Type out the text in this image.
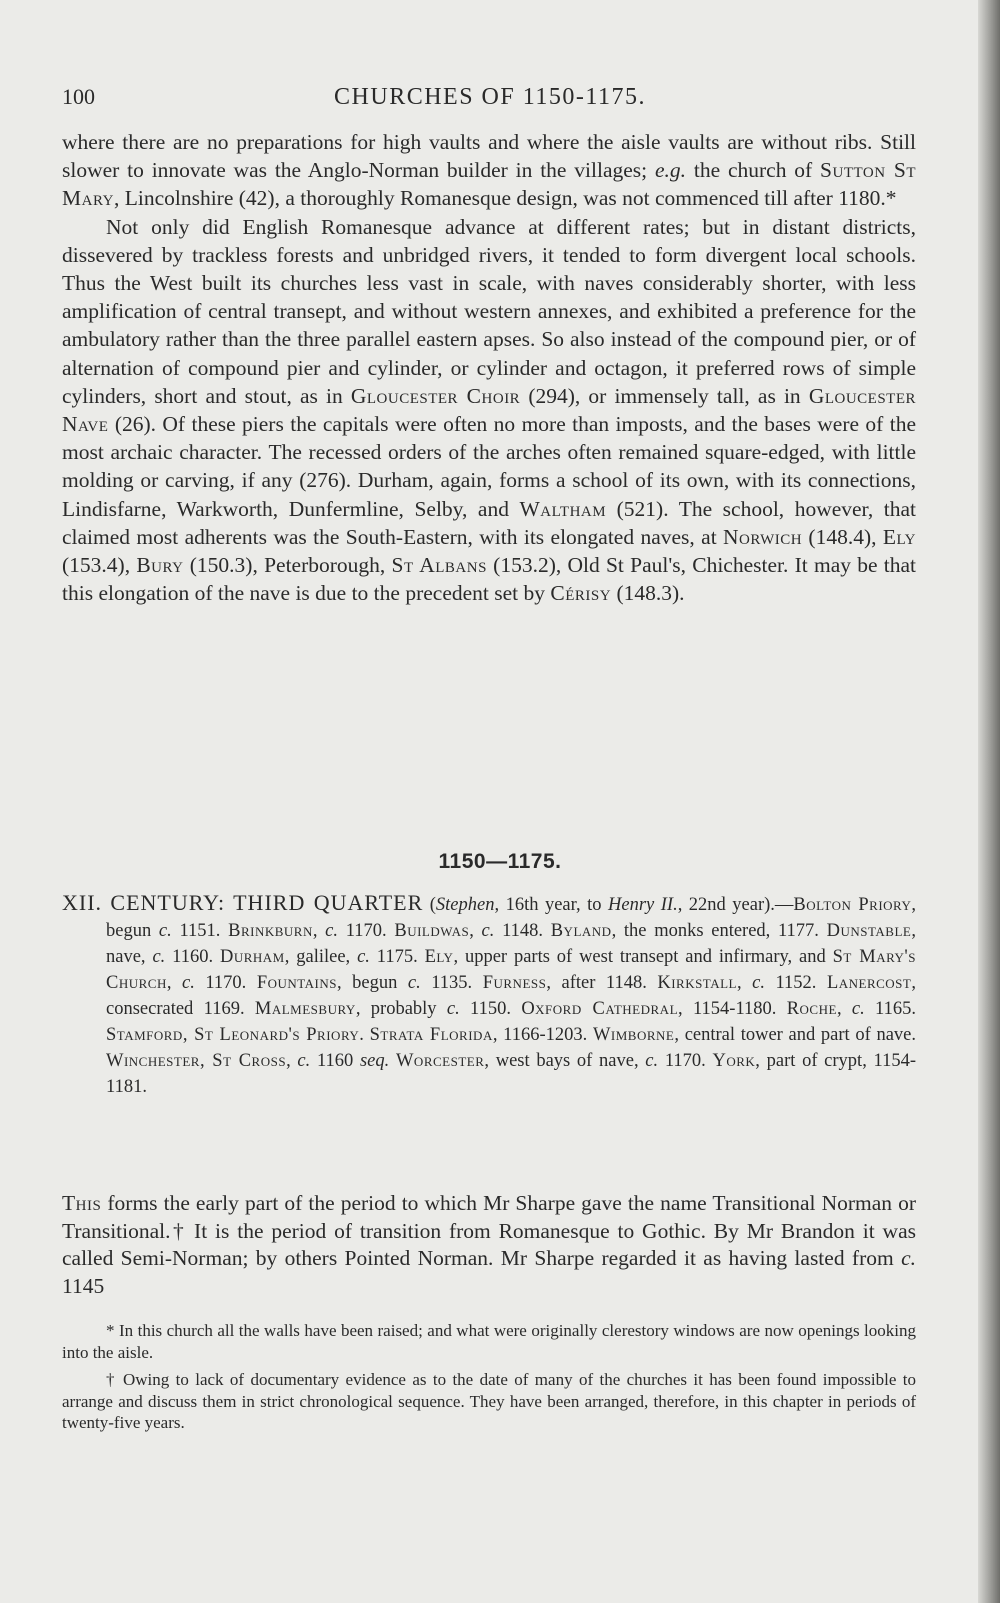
100	CHURCHES OF 1150-1175.

where there are no preparations for high vaults and where the aisle vaults are without ribs. Still slower to innovate was the Anglo-Norman builder in the villages; e.g. the church of Sutton St Mary, Lincolnshire (42), a thoroughly Romanesque design, was not commenced till after 1180.*

Not only did English Romanesque advance at different rates; but in distant districts, dissevered by trackless forests and unbridged rivers, it tended to form divergent local schools. Thus the West built its churches less vast in scale, with naves considerably shorter, with less amplification of central transept, and without western annexes, and exhibited a preference for the ambulatory rather than the three parallel eastern apses. So also instead of the compound pier, or of alternation of compound pier and cylinder, or cylinder and octagon, it preferred rows of simple cylinders, short and stout, as in Gloucester Choir (294), or immensely tall, as in Gloucester Nave (26). Of these piers the capitals were often no more than imposts, and the bases were of the most archaic character. The recessed orders of the arches often remained square-edged, with little molding or carving, if any (276). Durham, again, forms a school of its own, with its connections, Lindisfarne, Warkworth, Dunfermline, Selby, and Waltham (521). The school, however, that claimed most adherents was the South-Eastern, with its elongated naves, at Norwich (148.4), Ely (153.4), Bury (150.3), Peterborough, St Albans (153.2), Old St Paul's, Chichester. It may be that this elongation of the nave is due to the precedent set by Cérisy (148.3).

1150—1175.

XII. CENTURY: THIRD QUARTER (Stephen, 16th year, to Henry II., 22nd year).—Bolton Priory, begun c. 1151. Brinkburn, c. 1170. Buildwas, c. 1148. Byland, the monks entered, 1177. Dunstable, nave, c. 1160. Durham, galilee, c. 1175. Ely, upper parts of west transept and infirmary, and St Mary's Church, c. 1170. Fountains, begun c. 1135. Furness, after 1148. Kirkstall, c. 1152. Lanercost, consecrated 1169. Malmesbury, probably c. 1150. Oxford Cathedral, 1154-1180. Roche, c. 1165. Stamford, St Leonard's Priory. Strata Florida, 1166-1203. Wimborne, central tower and part of nave. Winchester, St Cross, c. 1160 seq. Worcester, west bays of nave, c. 1170. York, part of crypt, 1154-1181.

This forms the early part of the period to which Mr Sharpe gave the name Transitional Norman or Transitional.† It is the period of transition from Romanesque to Gothic. By Mr Brandon it was called Semi-Norman; by others Pointed Norman. Mr Sharpe regarded it as having lasted from c. 1145

* In this church all the walls have been raised; and what were originally clerestory windows are now openings looking into the aisle.

† Owing to lack of documentary evidence as to the date of many of the churches it has been found impossible to arrange and discuss them in strict chronological sequence. They have been arranged, therefore, in this chapter in periods of twenty-five years.
